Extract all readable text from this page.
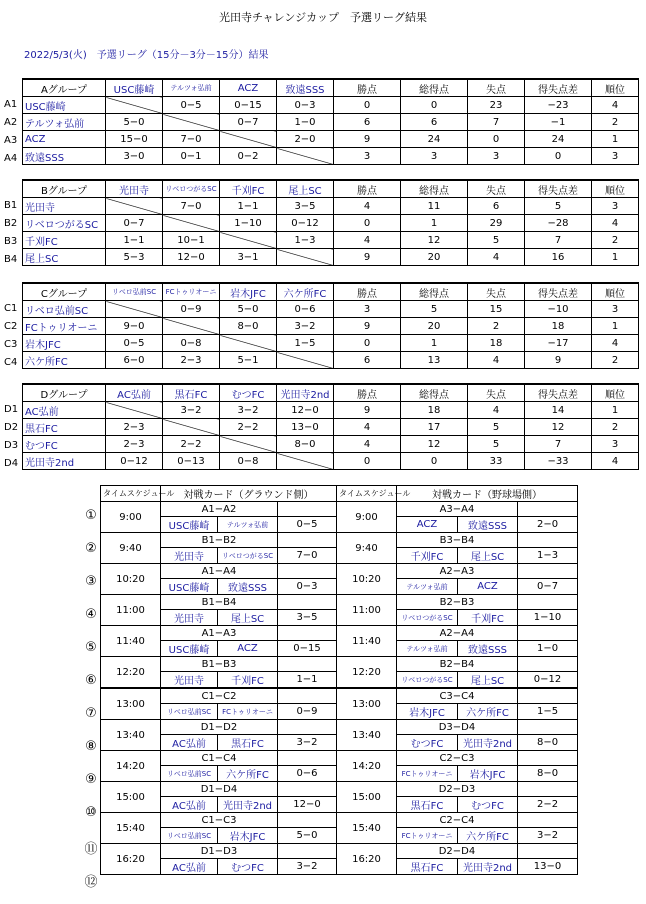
光田寺チャレンジカップ　予選リーグ結果
2022/5/3(火)　予選リーグ（15分－3分－15分）結果
Aグループ	USC藤崎	テルツォ弘前	ACZ	致遠SSS	勝点	総得点	失点	得失点差	順位
USC藤崎		0−5	0−15	0−3	0	0	23	−23	4
テルツォ弘前	5−0		0−7	1−0	6	6	7	−1	2
ACZ	15−0	7−0		2−0	9	24	0	24	1
致遠SSS	3−0	0−1	0−2		3	3	3	0	3
Bグループ	光田寺	リベロつがるSC	千刈FC	尾上SC	勝点	総得点	失点	得失点差	順位
光田寺		7−0	1−1	3−5	4	11	6	5	3
リベロつがるSC	0−7		1−10	0−12	0	1	29	−28	4
千刈FC	1−1	10−1		1−3	4	12	5	7	2
尾上SC	5−3	12−0	3−1		9	20	4	16	1
Cグループ	リベロ弘前SC	FCトゥリオーニ	岩木JFC	六ケ所FC	勝点	総得点	失点	得失点差	順位
リベロ弘前SC		0−9	5−0	0−6	3	5	15	−10	3
FCトゥリオーニ	9−0		8−0	3−2	9	20	2	18	1
岩木JFC	0−5	0−8		1−5	0	1	18	−17	4
六ケ所FC	6−0	2−3	5−1		6	13	4	9	2
Dグループ	AC弘前	黒石FC	むつFC	光田寺2nd	勝点	総得点	失点	得失点差	順位
AC弘前		3−2	3−2	12−0	9	18	4	14	1
黒石FC	2−3		2−2	13−0	4	17	5	12	2
むつFC	2−3	2−2		8−0	4	12	5	7	3
光田寺2nd	0−12	0−13	0−8		0	0	33	−33	4
A1
A2
A3
A4
B1
B2
B3
B4
C1
C2
C3
C4
D1
D2
D3
D4
タイムスケジュール	対戦カード（グラウンド側）			タイムスケジュール	対戦カード（野球場側）		
9:00	A1−A2			9:00	A3−A4		
	USC藤崎	テルツォ弘前	0−5		ACZ	致遠SSS	2−0
9:40	B1−B2			9:40	B3−B4		
	光田寺	リベロつがるSC	7−0		千刈FC	尾上SC	1−3
10:20	A1−A4			10:20	A2−A3		
	USC藤崎	致遠SSS	0−3		テルツォ弘前	ACZ	0−7
11:00	B1−B4			11:00	B2−B3		
	光田寺	尾上SC	3−5		リベロつがるSC	千刈FC	1−10
11:40	A1−A3			11:40	A2−A4		
	USC藤崎	ACZ	0−15		テルツォ弘前	致遠SSS	1−0
12:20	B1−B3			12:20	B2−B4		
	光田寺	千刈FC	1−1		リベロつがるSC	尾上SC	0−12
13:00	C1−C2			13:00	C3−C4		
	リベロ弘前SC	FCトゥリオーニ	0−9		岩木JFC	六ケ所FC	1−5
13:40	D1−D2			13:40	D3−D4		
	AC弘前	黒石FC	3−2		むつFC	光田寺2nd	8−0
14:20	C1−C4			14:20	C2−C3		
	リベロ弘前SC	六ケ所FC	0−6		FCトゥリオーニ	岩木JFC	8−0
15:00	D1−D4			15:00	D2−D3		
	AC弘前	光田寺2nd	12−0		黒石FC	むつFC	2−2
15:40	C1−C3			15:40	C2−C4		
	リベロ弘前SC	岩木JFC	5−0		FCトゥリオーニ	六ケ所FC	3−2
16:20	D1−D3			16:20	D2−D4		
	AC弘前	むつFC	3−2		黒石FC	光田寺2nd	13−0
①
②
③
④
⑤
⑥
⑦
⑧
⑨
⑩
⑪
⑫
